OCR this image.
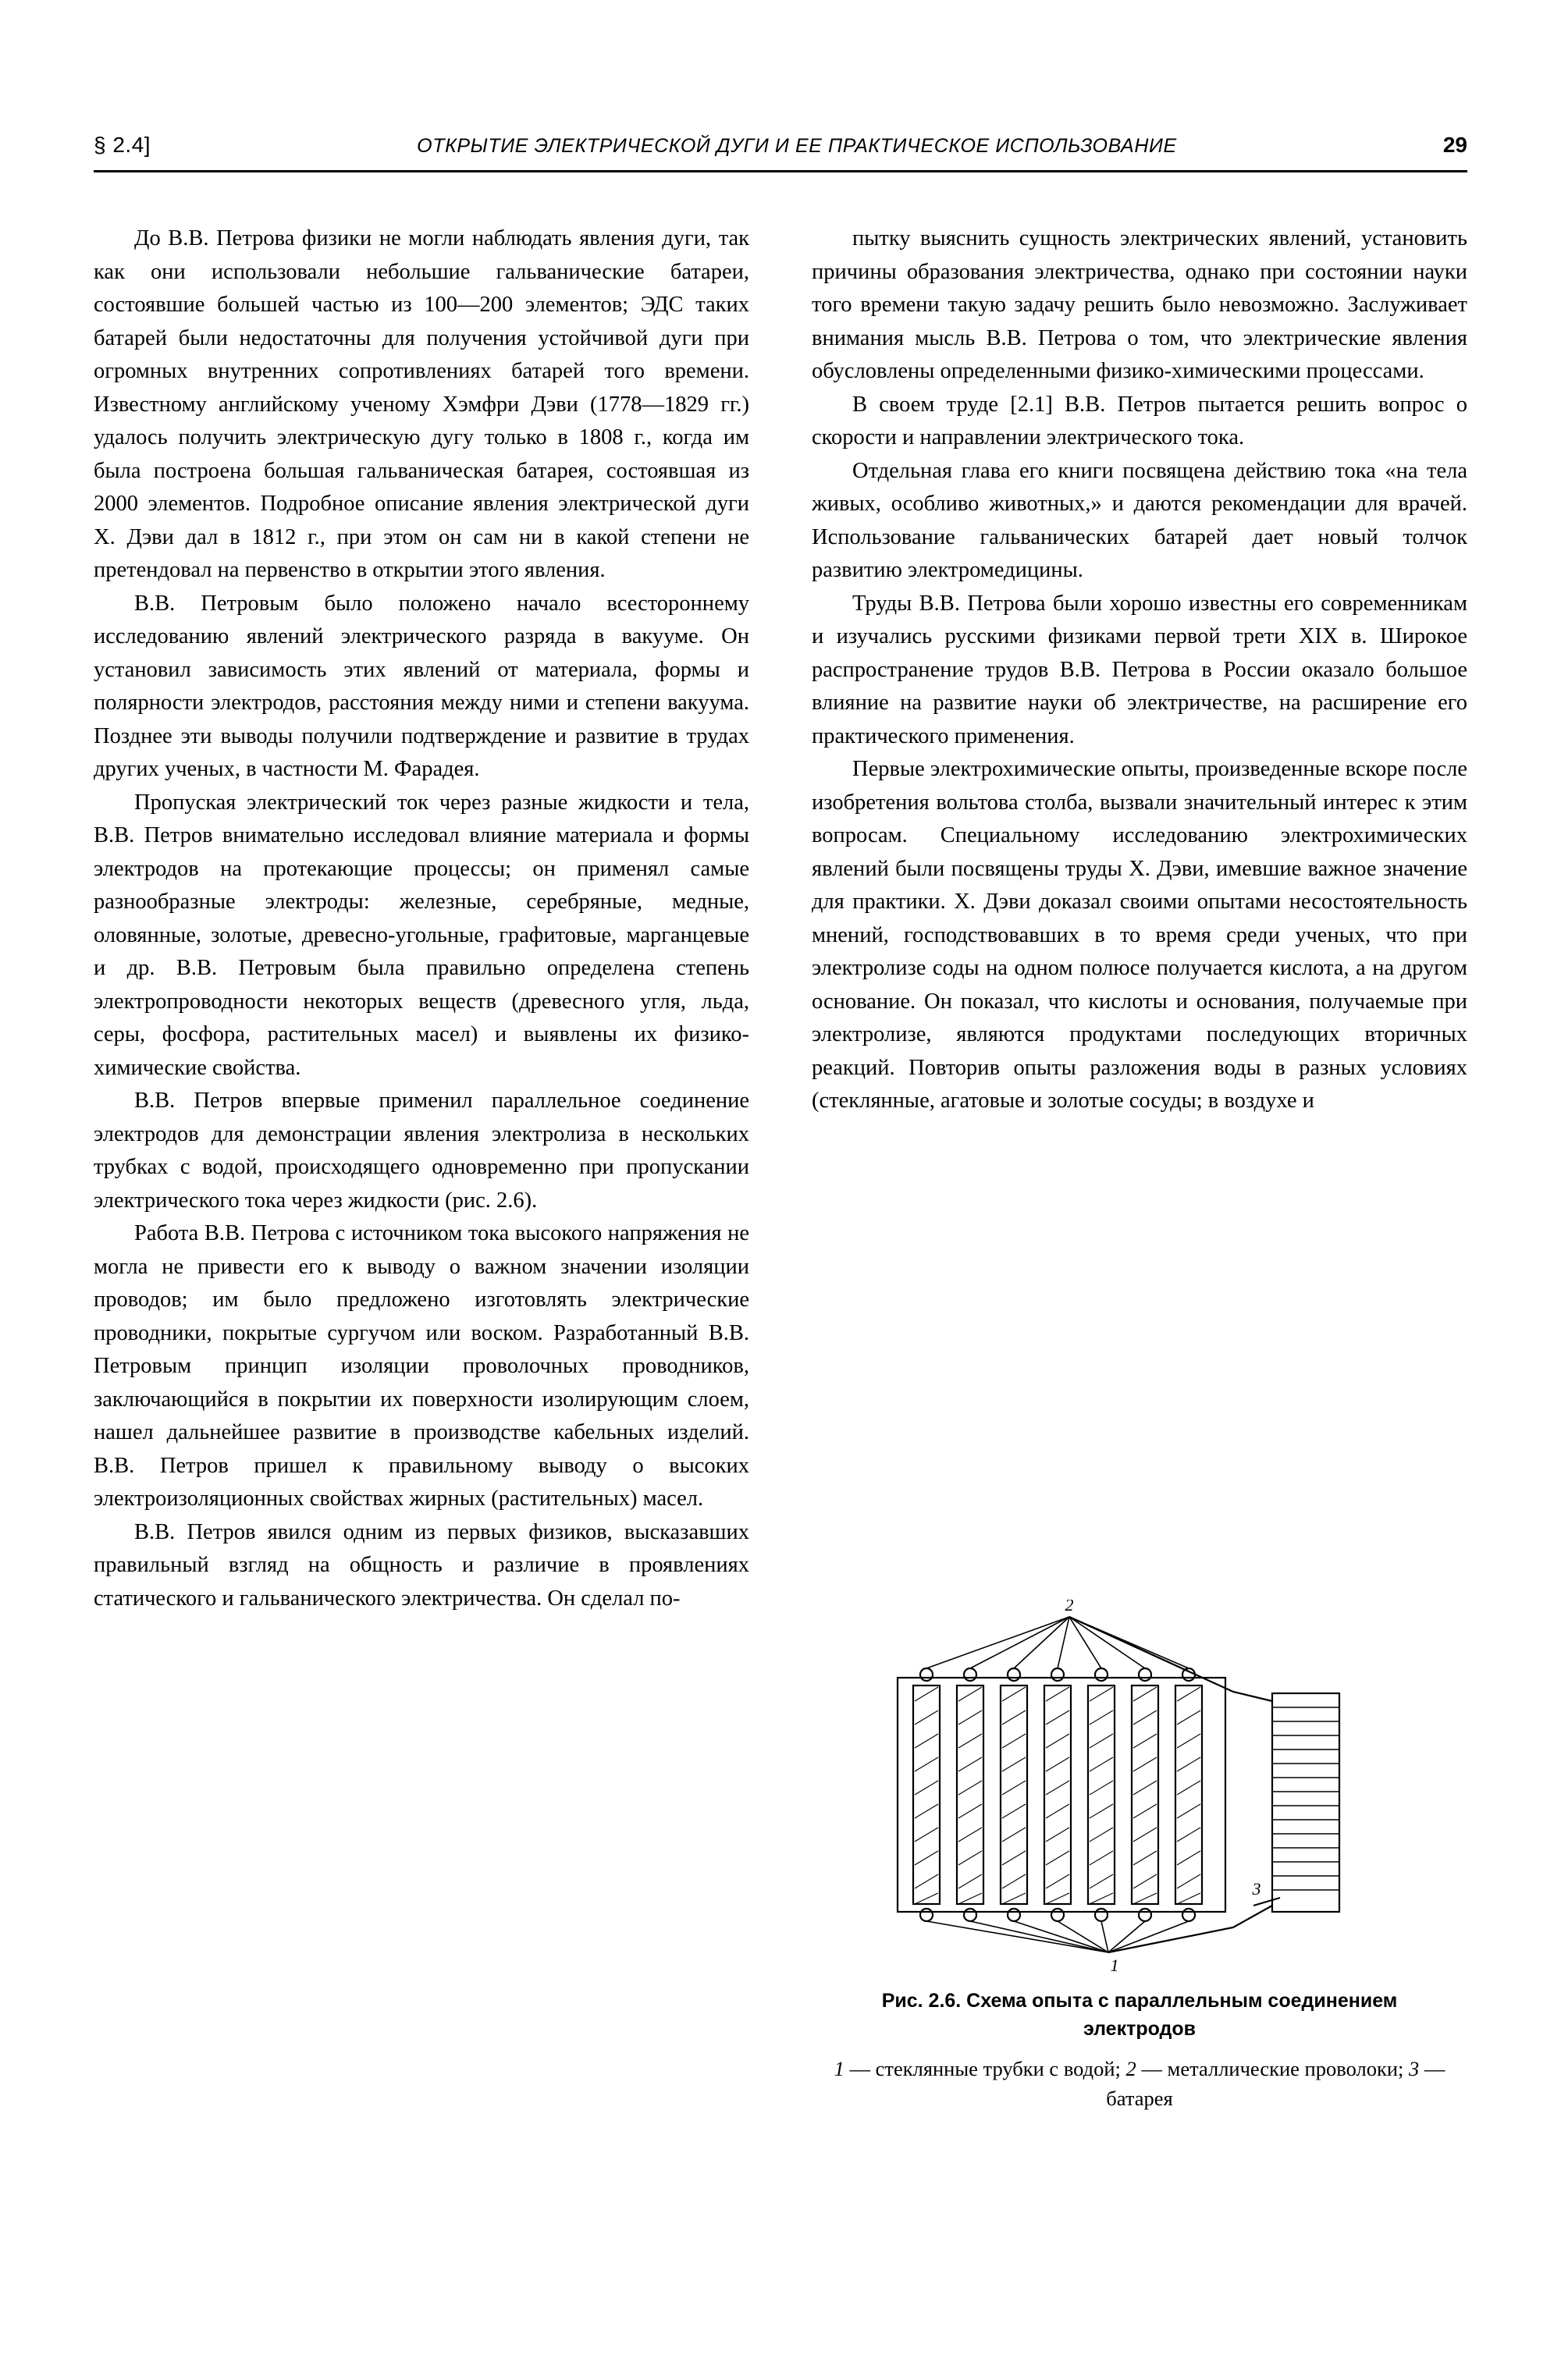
§ 2.4]	ОТКРЫТИЕ ЭЛЕКТРИЧЕСКОЙ ДУГИ И ЕЕ ПРАКТИЧЕСКОЕ ИСПОЛЬЗОВАНИЕ	29

До В.В. Петрова физики не могли наблюдать явления дуги, так как они использовали небольшие гальванические батареи, состоявшие большей частью из 100—200 элементов; ЭДС таких батарей были недостаточны для получения устойчивой дуги при огромных внутренних сопротивлениях батарей того времени. Известному английскому ученому Хэмфри Дэви (1778—1829 гг.) удалось получить электрическую дугу только в 1808 г., когда им была построена большая гальваническая батарея, состоявшая из 2000 элементов. Подробное описание явления электрической дуги X. Дэви дал в 1812 г., при этом он сам ни в какой степени не претендовал на первенство в открытии этого явления.

В.В. Петровым было положено начало всестороннему исследованию явлений электрического разряда в вакууме. Он установил зависимость этих явлений от материала, формы и полярности электродов, расстояния между ними и степени вакуума. Позднее эти выводы получили подтверждение и развитие в трудах других ученых, в частности М. Фарадея.

Пропуская электрический ток через разные жидкости и тела, В.В. Петров внимательно исследовал влияние материала и формы электродов на протекающие процессы; он применял самые разнообразные электроды: железные, серебряные, медные, оловянные, золотые, древесно-угольные, графитовые, марганцевые и др. В.В. Петровым была правильно определена степень электропроводности некоторых веществ (древесного угля, льда, серы, фосфора, растительных масел) и выявлены их физико-химические свойства.

В.В. Петров впервые применил параллельное соединение электродов для демонстрации явления электролиза в нескольких трубках с водой, происходящего одновременно при пропускании электрического тока через жидкости (рис. 2.6).

Работа В.В. Петрова с источником тока высокого напряжения не могла не привести его к выводу о важном значении изоляции проводов; им было предложено изготовлять электрические проводники, покрытые сургучом или воском. Разработанный В.В. Петровым принцип изоляции проволочных проводников, заключающийся в покрытии их поверхности изолирующим слоем, нашел дальнейшее развитие в производстве кабельных изделий. В.В. Петров пришел к правильному выводу о высоких электроизоляционных свойствах жирных (растительных) масел.

В.В. Петров явился одним из первых физиков, высказавших правильный взгляд на общность и различие в проявлениях статического и гальванического электричества. Он сделал по-

пытку выяснить сущность электрических явлений, установить причины образования электричества, однако при состоянии науки того времени такую задачу решить было невозможно. Заслуживает внимания мысль В.В. Петрова о том, что электрические явления обусловлены определенными физико-химическими процессами.

В своем труде [2.1] В.В. Петров пытается решить вопрос о скорости и направлении электрического тока.

Отдельная глава его книги посвящена действию тока «на тела живых, особливо животных,» и даются рекомендации для врачей. Использование гальванических батарей дает новый толчок развитию электромедицины.

Труды В.В. Петрова были хорошо известны его современникам и изучались русскими физиками первой трети XIX в. Широкое распространение трудов В.В. Петрова в России оказало большое влияние на развитие науки об электричестве, на расширение его практического применения.

Первые электрохимические опыты, произведенные вскоре после изобретения вольтова столба, вызвали значительный интерес к этим вопросам. Специальному исследованию электрохимических явлений были посвящены труды X. Дэви, имевшие важное значение для практики. X. Дэви доказал своими опытами несостоятельность мнений, господствовавших в то время среди ученых, что при электролизе соды на одном полюсе получается кислота, а на другом основание. Он показал, что кислоты и основания, получаемые при электролизе, являются продуктами последующих вторичных реакций. Повторив опыты разложения воды в разных условиях (стеклянные, агатовые и золотые сосуды; в воздухе и

2
1
3
Рис. 2.6. Схема опыта с параллельным соединением электродов
1 — стеклянные трубки с водой; 2 — металлические проволоки; 3 — батарея
